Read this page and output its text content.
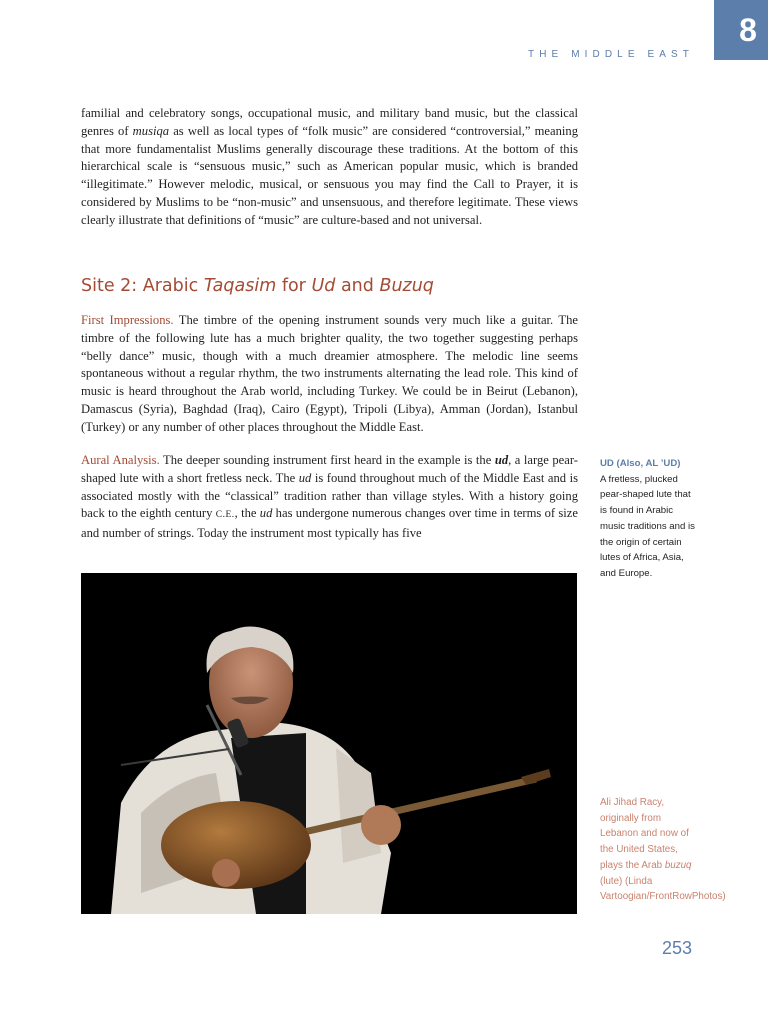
8
THE MIDDLE EAST

familial and celebratory songs, occupational music, and military band music, but the classical genres of musiqa as well as local types of “folk music” are considered “controversial,” meaning that more fundamentalist Muslims generally discourage these traditions. At the bottom of this hierarchical scale is “sensuous music,” such as American popular music, which is branded “illegitimate.” However melodic, musical, or sensuous you may find the Call to Prayer, it is considered by Muslims to be “non-music” and unsensuous, and therefore legitimate. These views clearly illustrate that definitions of “music” are culture-based and not universal.

Site 2: Arabic Taqasim for Ud and Buzuq

First Impressions. The timbre of the opening instrument sounds very much like a guitar. The timbre of the following lute has a much brighter quality, the two together suggesting perhaps “belly dance” music, though with a much dreamier atmosphere. The melodic line seems spontaneous without a regular rhythm, the two instruments alternating the lead role. This kind of music is heard throughout the Arab world, including Turkey. We could be in Beirut (Lebanon), Damascus (Syria), Baghdad (Iraq), Cairo (Egypt), Tripoli (Libya), Amman (Jordan), Istanbul (Turkey) or any number of other places throughout the Middle East.

Aural Analysis. The deeper sounding instrument first heard in the example is the ud, a large pear-shaped lute with a short fretless neck. The ud is found throughout much of the Middle East and is associated mostly with the “classical” tradition rather than village styles. With a history going back to the eighth century C.E., the ud has undergone numerous changes over time in terms of size and number of strings. Today the instrument most typically has five

UD (Also, AL ’UD)
A fretless, plucked pear-shaped lute that is found in Arabic music traditions and is the origin of certain lutes of Africa, Asia, and Europe.
Ali Jihad Racy, originally from Lebanon and now of the United States, plays the Arab buzuq (lute) (Linda Vartoogian/FrontRowPhotos)
253
